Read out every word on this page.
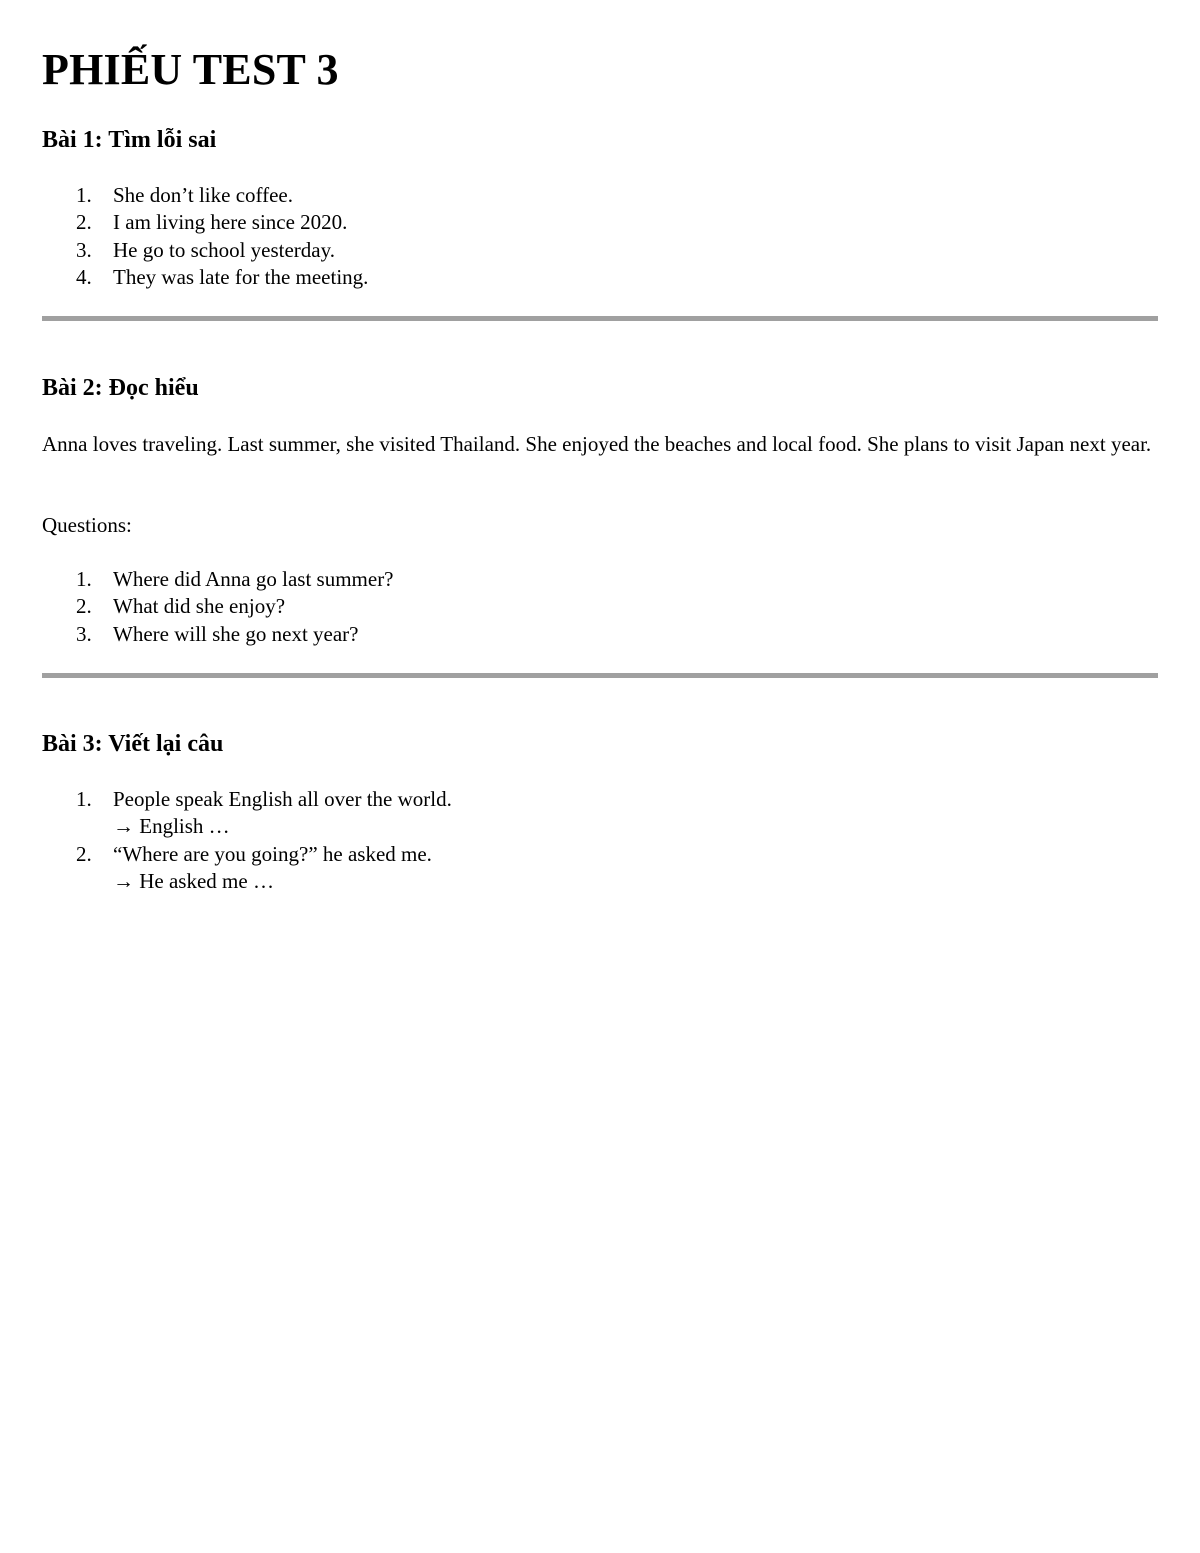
PHIẾU TEST 3
Bài 1: Tìm lỗi sai
1. She don’t like coffee.
2. I am living here since 2020.
3. He go to school yesterday.
4. They was late for the meeting.
Bài 2: Đọc hiểu

Anna loves traveling. Last summer, she visited Thailand. She enjoyed the beaches and local food. She plans to visit Japan next year.

Questions:

1. Where did Anna go last summer?
2. What did she enjoy?
3. Where will she go next year?
Bài 3: Viết lại câu
1. People speak English all over the world.
→ English …
2. “Where are you going?” he asked me.
→ He asked me …
